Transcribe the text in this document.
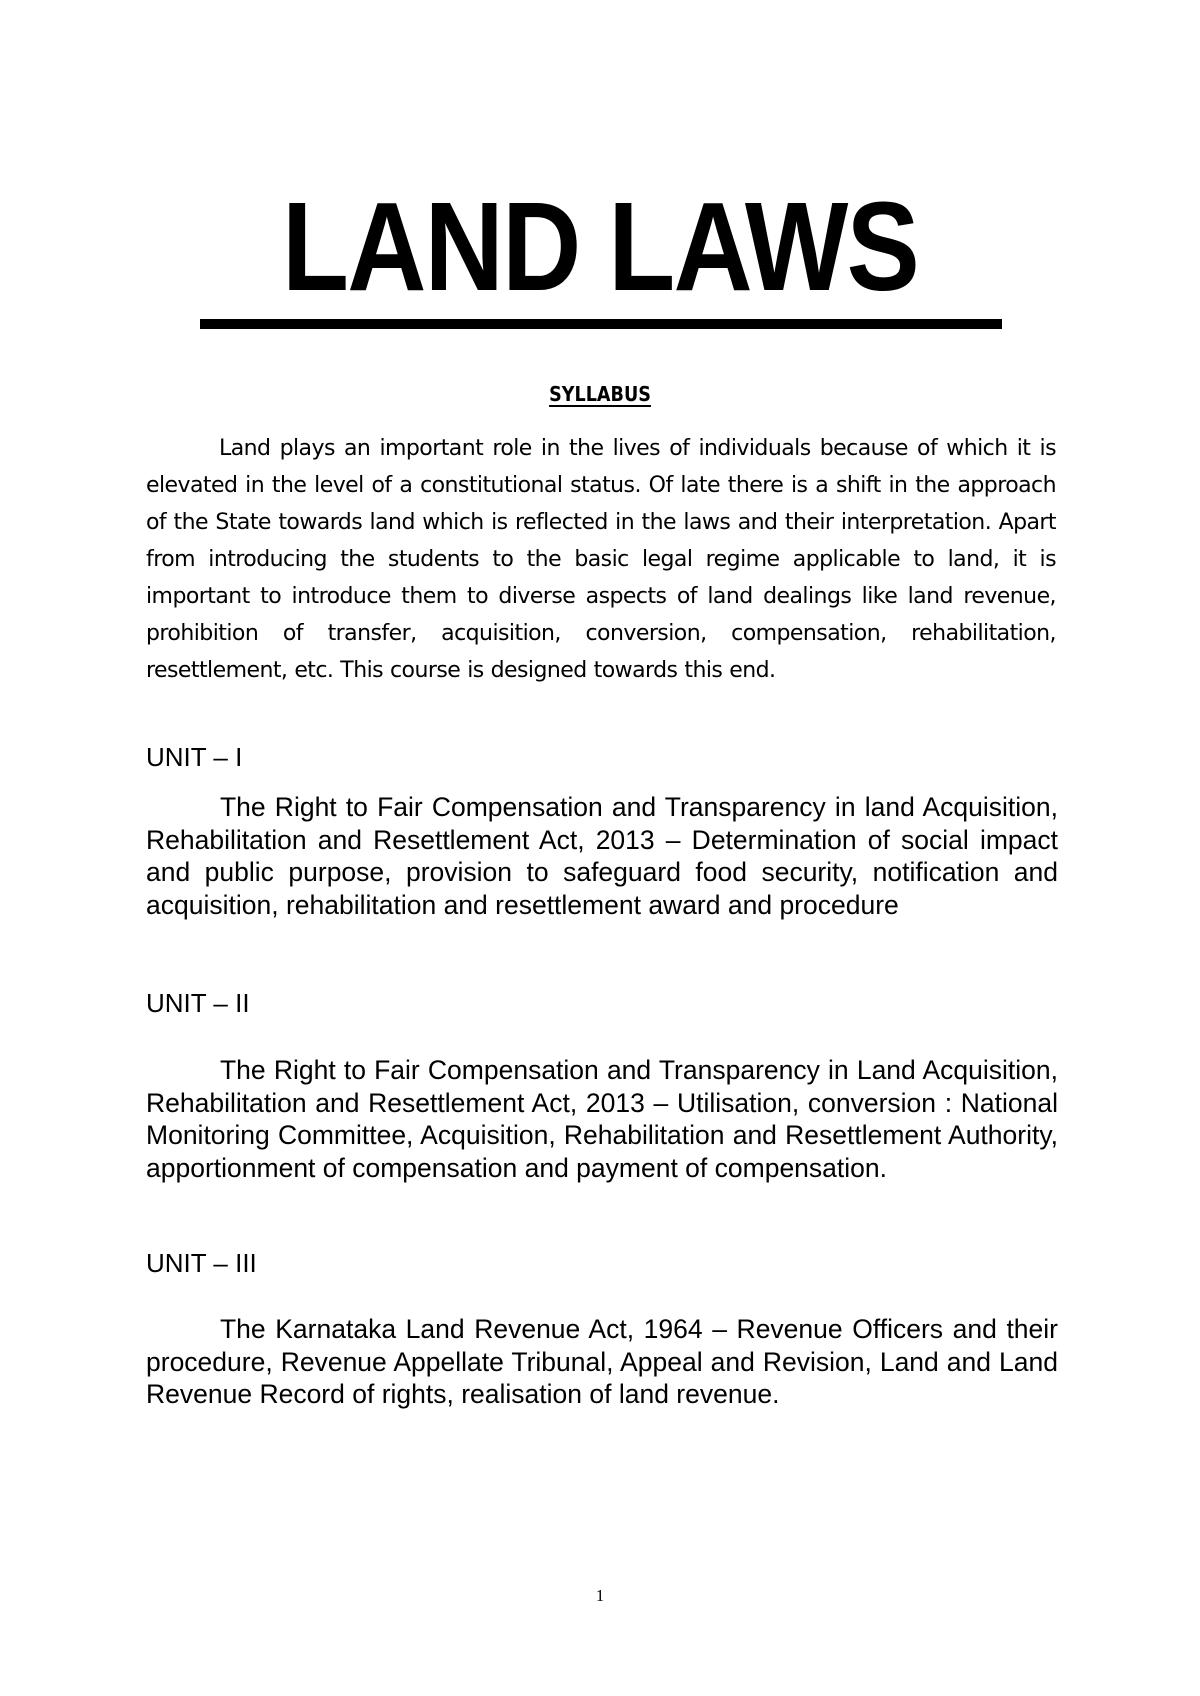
LAND LAWS
SYLLABUS

Land plays an important role in the lives of individuals because of which it is elevated in the level of a constitutional status. Of late there is a shift in the approach of the State towards land which is reflected in the laws and their interpretation. Apart from introducing the students to the basic legal regime applicable to land, it is important to introduce them to diverse aspects of land dealings like land revenue, prohibition of transfer, acquisition, conversion, compensation, rehabilitation, resettlement, etc. This course is designed towards this end.

UNIT – I

The Right to Fair Compensation and Transparency in land Acquisition, Rehabilitation and Resettlement Act, 2013 – Determination of social impact and public purpose, provision to safeguard food security, notification and acquisition, rehabilitation and resettlement award and procedure

UNIT – II

The Right to Fair Compensation and Transparency in Land Acquisition, Rehabilitation and Resettlement Act, 2013 – Utilisation, conversion : National Monitoring Committee, Acquisition, Rehabilitation and Resettlement Authority, apportionment of compensation and payment of compensation.

UNIT – III

The Karnataka Land Revenue Act, 1964 – Revenue Officers and their procedure, Revenue Appellate Tribunal, Appeal and Revision, Land and Land Revenue Record of rights, realisation of land revenue.

1
